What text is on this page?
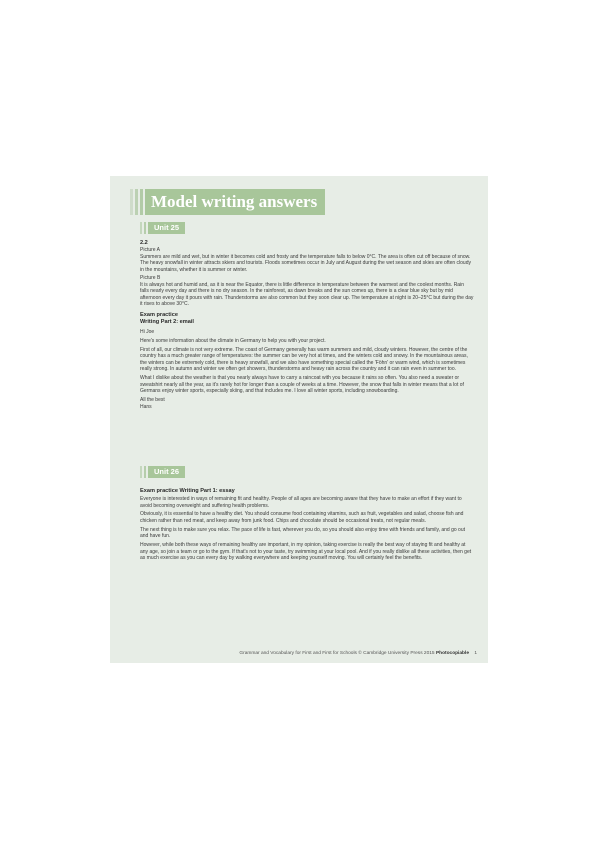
Model writing answers
Unit 25

2.2

Picture A

Summers are mild and wet, but in winter it becomes cold and frosty and the temperature falls to below 0°C. The area is often cut off because of snow. The heavy snowfall in winter attracts skiers and tourists. Floods sometimes occur in July and August during the wet season and skies are often cloudy in the mountains, whether it is summer or winter.

Picture B

It is always hot and humid and, as it is near the Equator, there is little difference in temperature between the warmest and the coolest months. Rain falls nearly every day and there is no dry season. In the rainforest, as dawn breaks and the sun comes up, there is a clear blue sky but by mid afternoon every day it pours with rain. Thunderstorms are also common but they soon clear up. The temperature at night is 20–25°C but during the day it rises to above 30°C.

Exam practice

Writing Part 2: email

Hi Joe

Here's some information about the climate in Germany to help you with your project.

First of all, our climate is not very extreme. The coast of Germany generally has warm summers and mild, cloudy winters. However, the centre of the country has a much greater range of temperatures: the summer can be very hot at times, and the winters cold and snowy. In the mountainous areas, the winters can be extremely cold, there is heavy snowfall, and we also have something special called the 'Föhn' or warm wind, which is sometimes really strong. In autumn and winter we often get showers, thunderstorms and heavy rain across the country and it can rain even in summer too.

What I dislike about the weather is that you nearly always have to carry a raincoat with you because it rains so often. You also need a sweater or sweatshirt nearly all the year, as it's rarely hot for longer than a couple of weeks at a time. However, the snow that falls in winter means that a lot of Germans enjoy winter sports, especially skiing, and that includes me. I love all winter sports, including snowboarding.

All the best

Hans

Unit 26

Exam practice Writing Part 1: essay

Everyone is interested in ways of remaining fit and healthy. People of all ages are becoming aware that they have to make an effort if they want to avoid becoming overweight and suffering health problems.

Obviously, it is essential to have a healthy diet. You should consume food containing vitamins, such as fruit, vegetables and salad, choose fish and chicken rather than red meat, and keep away from junk food. Chips and chocolate should be occasional treats, not regular meals.

The next thing is to make sure you relax. The pace of life is fast, wherever you do, so you should also enjoy time with friends and family, and go out and have fun.

However, while both these ways of remaining healthy are important, in my opinion, taking exercise is really the best way of staying fit and healthy at any age, so join a team or go to the gym. If that's not to your taste, try swimming at your local pool. And if you really dislike all these activities, then get as much exercise as you can every day by walking everywhere and keeping yourself moving. You will certainly feel the benefits.

Grammar and Vocabulary for First and First for Schools © Cambridge University Press 2015 Photocopiable 1
